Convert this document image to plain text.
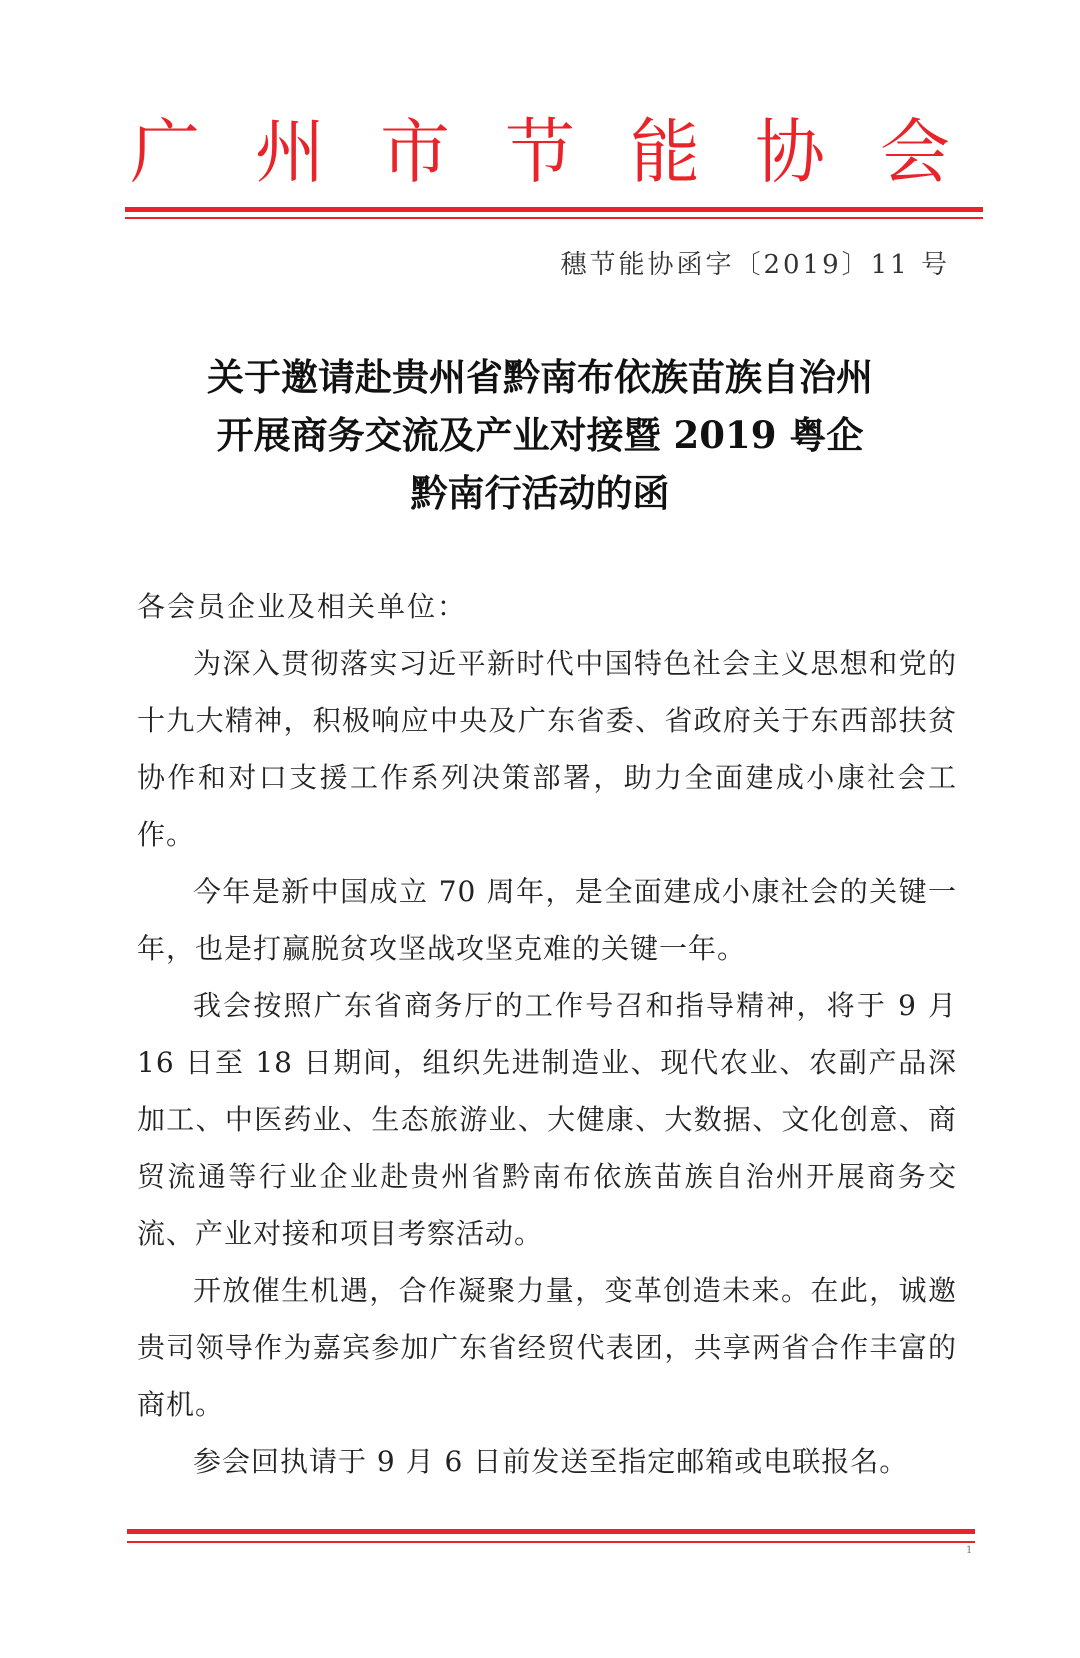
广 州 市 节 能 协 会
穗节能协函字〔2019〕11 号
关于邀请赴贵州省黔南布依族苗族自治州
开展商务交流及产业对接暨 2019 粤企
黔南行活动的函
各会员企业及相关单位：

为深入贯彻落实习近平新时代中国特色社会主义思想和党的十九大精神，积极响应中央及广东省委、省政府关于东西部扶贫协作和对口支援工作系列决策部署，助力全面建成小康社会工作。

今年是新中国成立 70 周年，是全面建成小康社会的关键一年，也是打赢脱贫攻坚战攻坚克难的关键一年。

我会按照广东省商务厅的工作号召和指导精神，将于 9 月 16 日至 18 日期间，组织先进制造业、现代农业、农副产品深加工、中医药业、生态旅游业、大健康、大数据、文化创意、商贸流通等行业企业赴贵州省黔南布依族苗族自治州开展商务交流、产业对接和项目考察活动。

开放催生机遇，合作凝聚力量，变革创造未来。在此，诚邀贵司领导作为嘉宾参加广东省经贸代表团，共享两省合作丰富的商机。

参会回执请于 9 月 6 日前发送至指定邮箱或电联报名。

1
